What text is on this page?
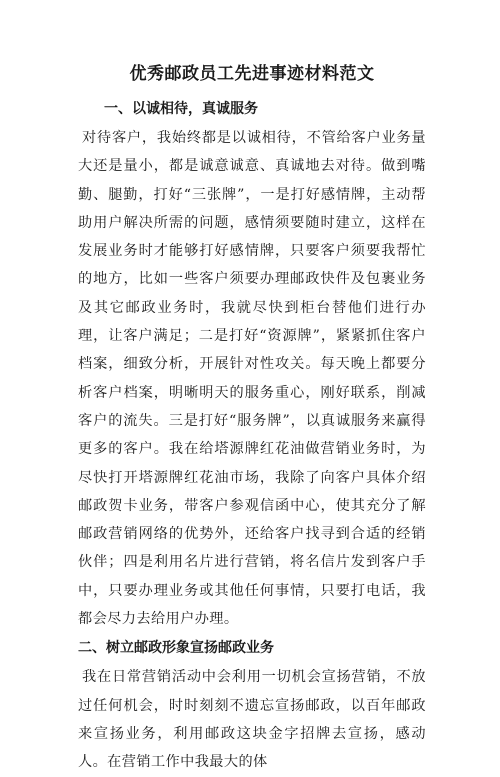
优秀邮政员工先进事迹材料范文
一、以诚相待，真诚服务

对待客户，我始终都是以诚相待，不管给客户业务量大还是量小，都是诚意诚意、真诚地去对待。做到嘴勤、腿勤，打好“三张牌”，一是打好感情牌，主动帮助用户解决所需的问题，感情须要随时建立，这样在发展业务时才能够打好感情牌，只要客户须要我帮忙的地方，比如一些客户须要办理邮政快件及包裹业务及其它邮政业务时，我就尽快到柜台替他们进行办理，让客户满足；二是打好“资源牌”，紧紧抓住客户档案，细致分析，开展针对性攻关。每天晚上都要分析客户档案，明晰明天的服务重心，刚好联系，削减客户的流失。三是打好“服务牌”，以真诚服务来赢得更多的客户。我在给塔源牌红花油做营销业务时，为尽快打开塔源牌红花油市场，我除了向客户具体介绍邮政贺卡业务，带客户参观信函中心，使其充分了解邮政营销网络的优势外，还给客户找寻到合适的经销伙伴；四是利用名片进行营销，将名信片发到客户手中，只要办理业务或其他任何事情，只要打电话，我都会尽力去给用户办理。

二、树立邮政形象宣扬邮政业务

我在日常营销活动中会利用一切机会宣扬营销，不放过任何机会，时时刻刻不遗忘宣扬邮政，以百年邮政来宣扬业务，利用邮政这块金字招牌去宣扬，感动人。在营销工作中我最大的体
